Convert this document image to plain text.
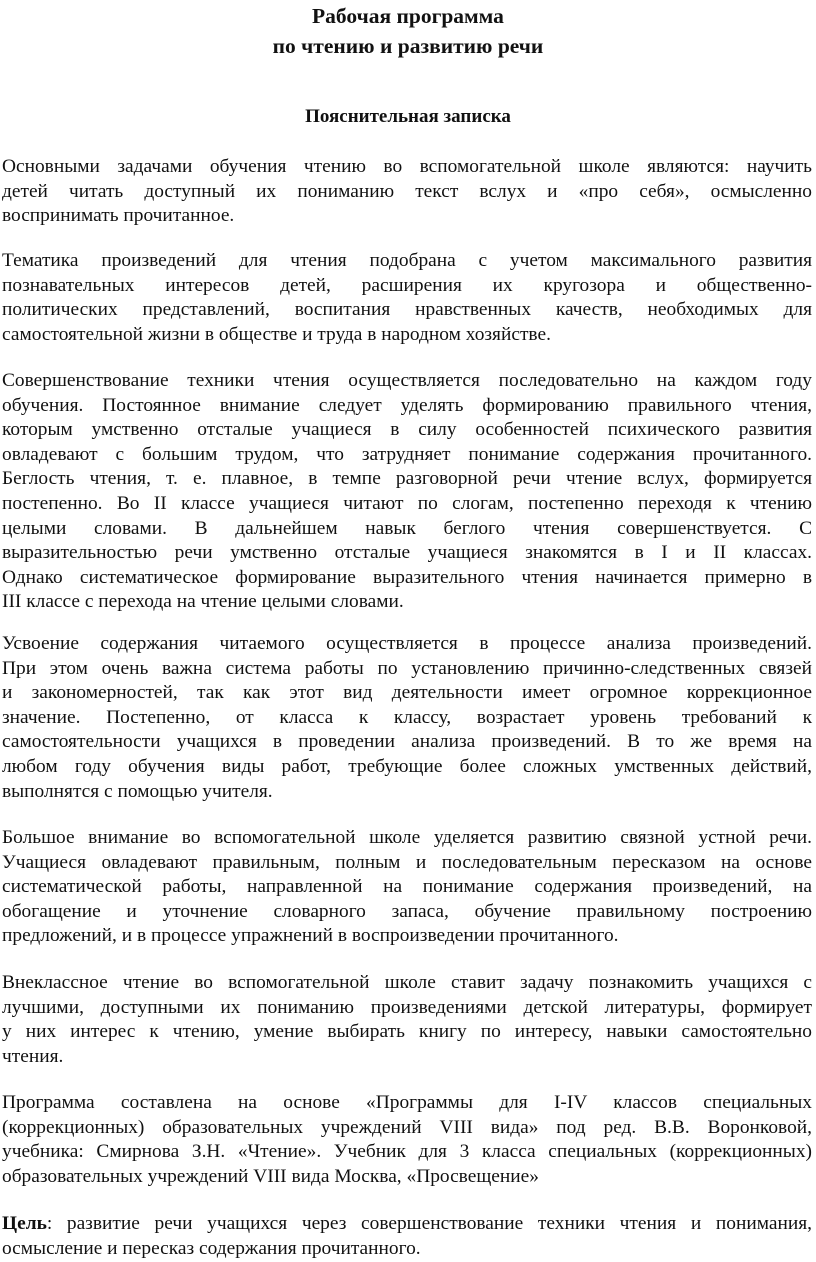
Рабочая программа
по чтению и развитию речи
Пояснительная записка
Основными задачами обучения чтению во вспомогательной школе являются: научить
детей читать доступный их пониманию текст вслух и «про себя», осмысленно
воспринимать прочитанное.
Тематика произведений для чтения подобрана с учетом максимального развития
познавательных интересов детей, расширения их кругозора и общественно-
политических представлений, воспитания нравственных качеств, необходимых для
самостоятельной жизни в обществе и труда в народном хозяйстве.
Совершенствование техники чтения осуществляется последовательно на каждом году
обучения. Постоянное внимание следует уделять формированию правильного чтения,
которым умственно отсталые учащиеся в силу особенностей психического развития
овладевают с большим трудом, что затрудняет понимание содержания прочитанного.
Беглость чтения, т. е. плавное, в темпе разговорной речи чтение вслух, формируется
постепенно. Во II классе учащиеся читают по слогам, постепенно переходя к чтению
целыми словами. В дальнейшем навык беглого чтения совершенствуется. С
выразительностью речи умственно отсталые учащиеся знакомятся в I и II классах.
Однако систематическое формирование выразительного чтения начинается примерно в
III классе с перехода на чтение целыми словами.
Усвоение содержания читаемого осуществляется в процессе анализа произведений.
При этом очень важна система работы по установлению причинно-следственных связей
и закономерностей, так как этот вид деятельности имеет огромное коррекционное
значение. Постепенно, от класса к классу, возрастает уровень требований к
самостоятельности учащихся в проведении анализа произведений. В то же время на
любом году обучения виды работ, требующие более сложных умственных действий,
выполнятся с помощью учителя.
Большое внимание во вспомогательной школе уделяется развитию связной устной речи.
Учащиеся овладевают правильным, полным и последовательным пересказом на основе
систематической работы, направленной на понимание содержания произведений, на
обогащение и уточнение словарного запаса, обучение правильному построению
предложений, и в процессе упражнений в воспроизведении прочитанного.
Внеклассное чтение во вспомогательной школе ставит задачу познакомить учащихся с
лучшими, доступными их пониманию произведениями детской литературы, формирует
у них интерес к чтению, умение выбирать книгу по интересу, навыки самостоятельно
чтения.
Программа составлена на основе «Программы для I-IV классов специальных
(коррекционных) образовательных учреждений VIII вида» под ред. В.В. Воронковой,
учебника: Смирнова З.Н. «Чтение». Учебник для 3 класса специальных (коррекционных)
образовательных учреждений VIII вида Москва, «Просвещение»
Цель: развитие речи учащихся через совершенствование техники чтения и понимания,
осмысление и пересказ содержания прочитанного.
